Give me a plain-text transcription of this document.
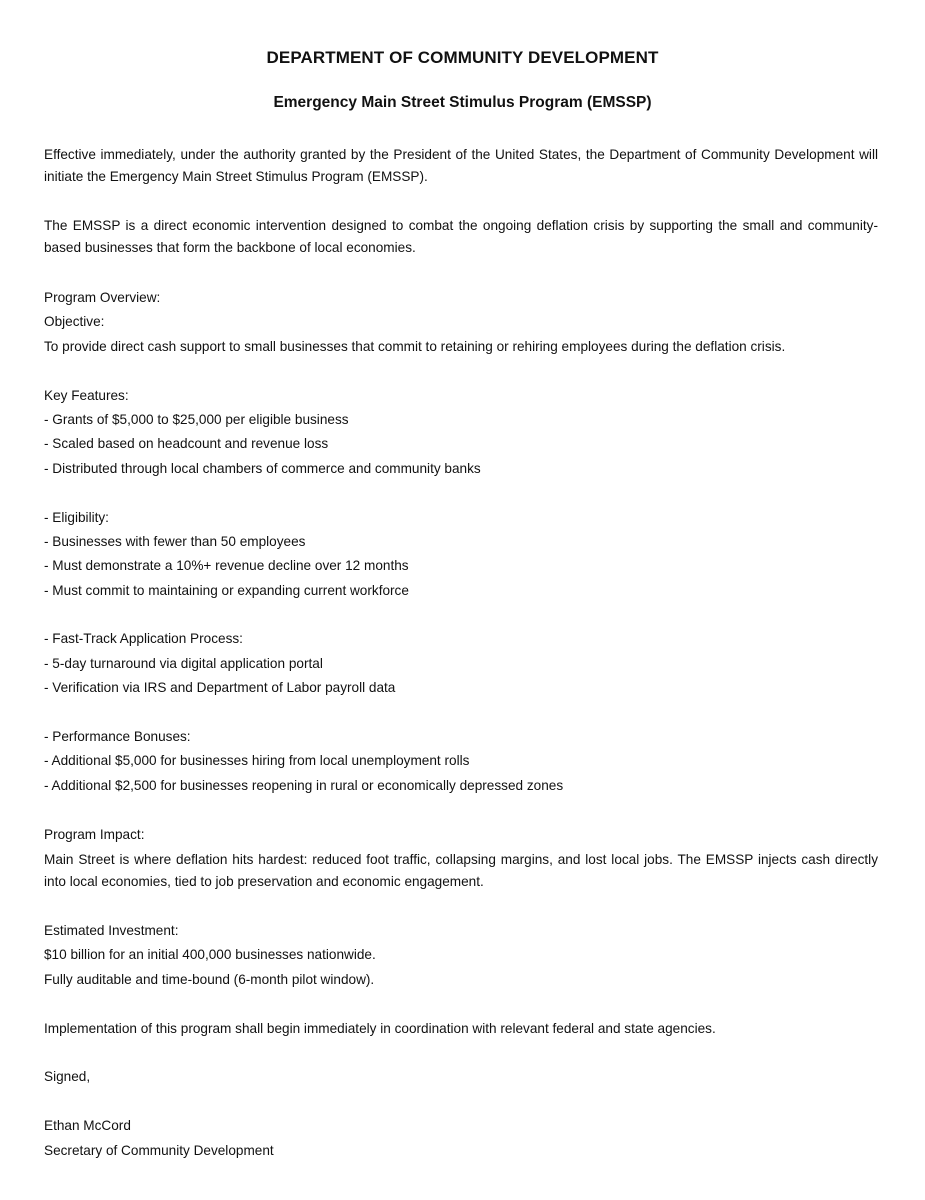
DEPARTMENT OF COMMUNITY DEVELOPMENT
Emergency Main Street Stimulus Program (EMSSP)

Effective immediately, under the authority granted by the President of the United States, the Department of Community Development will initiate the Emergency Main Street Stimulus Program (EMSSP).

The EMSSP is a direct economic intervention designed to combat the ongoing deflation crisis by supporting the small and community-based businesses that form the backbone of local economies.

Program Overview:
Objective:
To provide direct cash support to small businesses that commit to retaining or rehiring employees during the deflation crisis.
Key Features:
- Grants of $5,000 to $25,000 per eligible business
- Scaled based on headcount and revenue loss
- Distributed through local chambers of commerce and community banks
- Eligibility:
- Businesses with fewer than 50 employees
- Must demonstrate a 10%+ revenue decline over 12 months
- Must commit to maintaining or expanding current workforce
- Fast-Track Application Process:
- 5-day turnaround via digital application portal
- Verification via IRS and Department of Labor payroll data
- Performance Bonuses:
- Additional $5,000 for businesses hiring from local unemployment rolls
- Additional $2,500 for businesses reopening in rural or economically depressed zones
Program Impact:

Main Street is where deflation hits hardest: reduced foot traffic, collapsing margins, and lost local jobs. The EMSSP injects cash directly into local economies, tied to job preservation and economic engagement.

Estimated Investment:
$10 billion for an initial 400,000 businesses nationwide.
Fully auditable and time-bound (6-month pilot window).
Implementation of this program shall begin immediately in coordination with relevant federal and state agencies.
Signed,
Ethan McCord
Secretary of Community Development
